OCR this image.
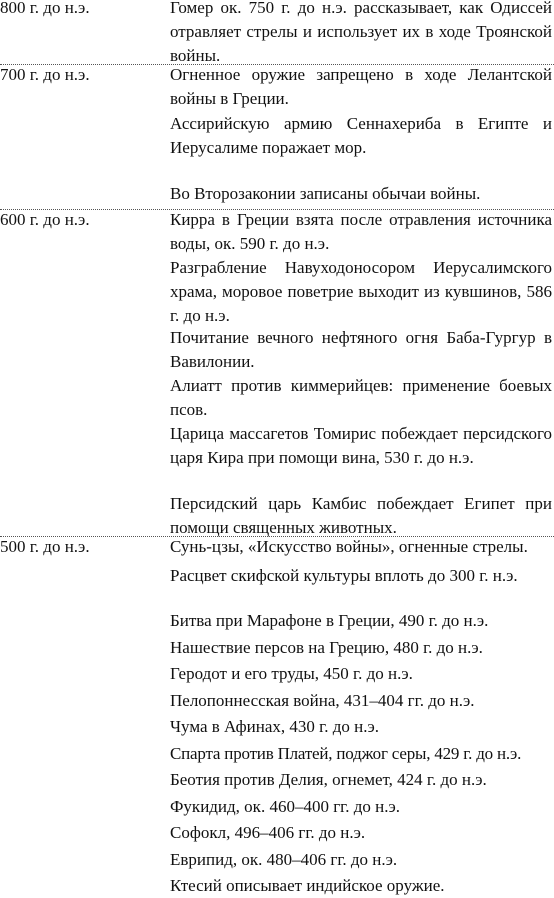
800 г. до н.э.	Гомер ок. 750 г. до н.э. рассказывает, как Одиссей отравляет стрелы и использует их в ходе Троянской войны.
700 г. до н.э.	Огненное оружие запрещено в ходе Лелантской войны в Греции.
Ассирийскую армию Сеннахериба в Египте и Иерусалиме поражает мор.
Во Второзаконии записаны обычаи войны.
600 г. до н.э.	Кирра в Греции взята после отравления источника воды, ок. 590 г. до н.э.
Разграбление Навуходоносором Иерусалимского храма, моровое поветрие выходит из кувшинов, 586 г. до н.э.
Почитание вечного нефтяного огня Баба-Гургур в Вавилонии.
Алиатт против киммерийцев: применение боевых псов.
Царица массагетов Томирис побеждает персидского царя Кира при помощи вина, 530 г. до н.э.
Персидский царь Камбис побеждает Египет при помощи священных животных.
500 г. до н.э.	Сунь-цзы, «Искусство войны», огненные стрелы.
Расцвет скифской культуры вплоть до 300 г. н.э.
Битва при Марафоне в Греции, 490 г. до н.э.
Нашествие персов на Грецию, 480 г. до н.э.
Геродот и его труды, 450 г. до н.э.
Пелопоннесская война, 431–404 гг. до н.э.
Чума в Афинах, 430 г. до н.э.
Спарта против Платей, поджог серы, 429 г. до н.э.
Беотия против Делия, огнемет, 424 г. до н.э.
Фукидид, ок. 460–400 гг. до н.э.
Софокл, 496–406 гг. до н.э.
Еврипид, ок. 480–406 гг. до н.э.
Ктесий описывает индийское оружие.
